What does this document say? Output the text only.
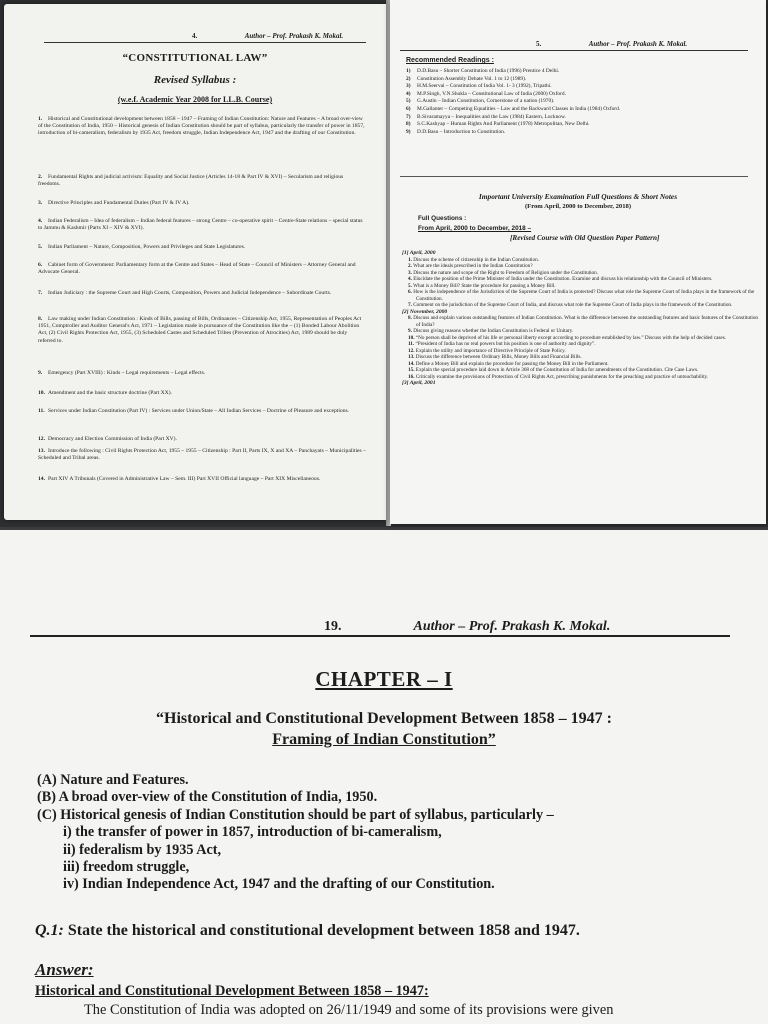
4.	Author – Prof. Prakash K. Mokal.
“CONSTITUTIONAL LAW”
Revised Syllabus :
(w.e.f. Academic Year 2008 for LL.B. Course)
1. Historical and Constitutional development between 1858 – 1947 – Framing of Indian Constitution: Nature and Features – A broad over-view of the Constitution of India, 1950 – Historical genesis of Indian Constitution should be part of syllabus, particularly the transfer of power in 1857, introduction of bi-cameralism, federalism by 1935 Act, freedom struggle, Indian Independence Act, 1947 and the drafting of our Constitution.
2. Fundamental Rights and judicial activism: Equality and Social Justice (Articles 14-18 & Part IV & XVI) – Secularism and religious freedoms.
3. Directive Principles and Fundamental Duties (Part IV & IV A).
4. Indian Federalism – Idea of federalism – Indian federal features – strong Centre – co-operative spirit – Centre-State relations – special status to Jammu & Kashmir (Parts XI – XIV & XVI).
5. Indian Parliament – Nature, Composition, Powers and Privileges and State Legislatures.
6. Cabinet form of Government: Parliamentary form at the Centre and States – Head of State – Council of Ministers – Attorney General and Advocate General.
7. Indian Judiciary : the Supreme Court and High Courts, Composition, Powers and Judicial Independence – Subordinate Courts.
8. Law making under Indian Constitution : Kinds of Bills, passing of Bills, Ordinances – Citizenship Act, 1955, Representation of Peoples Act 1951, Comptroller and Auditor General's Act, 1971 – Legislation made in pursuance of the Constitution like the – (1) Bonded Labour Abolition Act, (2) Civil Rights Protection Act, 1955, (3) Scheduled Castes and Scheduled Tribes (Prevention of Atrocities) Act, 1989 should be duly referred to.
9. Emergency (Part XVIII) : Kinds – Legal requirements – Legal effects.
10. Amendment and the basic structure doctrine (Part XX).
11. Services under Indian Constitution (Part IV) : Services under Union/State – All Indian Services – Doctrine of Pleasure and exceptions.
12. Democracy and Election Commission of India (Part XV).
13. Introduce the following : Civil Rights Protection Act, 1955 – 1955 – Citizenship : Part II, Parts IX, X and XA – Panchayats – Municipalities – Scheduled and Tribal areas.
14. Part XIV A Tribunals (Covered in Administrative Law – Sem. III) Part XVII Official language – Part XIX Miscellaneous.
5.	Author – Prof. Prakash K. Mokal.
Recommended Readings :
1) D.D.Basu – Shorter Constitution of India (1996) Prentice 4 Delhi.
2) Constitution Assembly Debate Vol. 1 to 12 (1989).
3) H.M.Seervai – Constitution of India Vol. 1- 3 (1992), Tripathi.
4) M.P.Singh, V.N.Shukla – Constitutional Law of India (2000) Oxford.
5) G.Austin – Indian Constitution, Cornerstone of a nation (1970).
6) M.Gallanter – Competing Equalities – Law and the Backward Classes in India (1984) Oxford.
7) B.Sivaramayya – Inequalities and the Law (1984) Eastern, Lucknow.
8) S.C.Kashyap – Human Rights And Parliament (1978) Metropolitan, New Delhi.
9) D.D.Basu – Introduction to Constitution.
Important University Examination Full Questions & Short Notes
(From April, 2000 to December, 2018)
Full Questions :
From April, 2000 to December, 2018 –
[Revised Course with Old Question Paper Pattern]
[1] April, 2000
1. Discuss the scheme of citizenship in the Indian Constitution.
2. What are the ideals prescribed in the Indian Constitution?
3. Discuss the nature and scope of the Right to Freedom of Religion under the Constitution.
4. Elucidate the position of the Prime Minister of India under the Constitution. Examine and discuss his relationship with the Council of Ministers.
5. What is a Money Bill? State the procedure for passing a Money Bill.
6. How is the independence of the Jurisdiction of the Supreme Court of India is protected? Discuss what role the Supreme Court of India plays in the framework of the Constitution.
7. Comment on the jurisdiction of the Supreme Court of India, and discuss what role the Supreme Court of India plays in the framework of the Constitution.
[2] November, 2000
8. Discuss and explain various outstanding features of Indian Constitution. What is the difference between the outstanding features and basic features of the Constitution of India?
9. Discuss giving reasons whether the Indian Constitution is Federal or Unitary.
10. “No person shall be deprived of his life or personal liberty except according to procedure established by law.” Discuss with the help of decided cases.
11. “President of India has no real powers but his position is one of authority and dignity”.
12. Explain the utility and importance of Directive Principle of State Policy.
13. Discuss the difference between Ordinary Bills, Money Bills and Financial Bills.
14. Define a Money Bill and explain the procedure for passing the Money Bill in the Parliament.
15. Explain the special procedure laid down in Article 368 of the Constitution of India for amendments of the Constitution. Cite Case Laws.
16. Critically examine the provisions of Protection of Civil Rights Act, prescribing punishments for the preaching and practice of untouchability.
[3] April, 2001
19.	Author – Prof. Prakash K. Mokal.
CHAPTER – I
“Historical and Constitutional Development Between 1858 – 1947 :
Framing of Indian Constitution”
(A) Nature and Features.
(B) A broad over-view of the Constitution of India, 1950.
(C) Historical genesis of Indian Constitution should be part of syllabus, particularly –
i) the transfer of power in 1857, introduction of bi-cameralism,
ii) federalism by 1935 Act,
iii) freedom struggle,
iv) Indian Independence Act, 1947 and the drafting of our Constitution.
Q.1: State the historical and constitutional development between 1858 and 1947.
Answer:
Historical and Constitutional Development Between 1858 – 1947:
The Constitution of India was adopted on 26/11/1949 and some of its provisions were given
